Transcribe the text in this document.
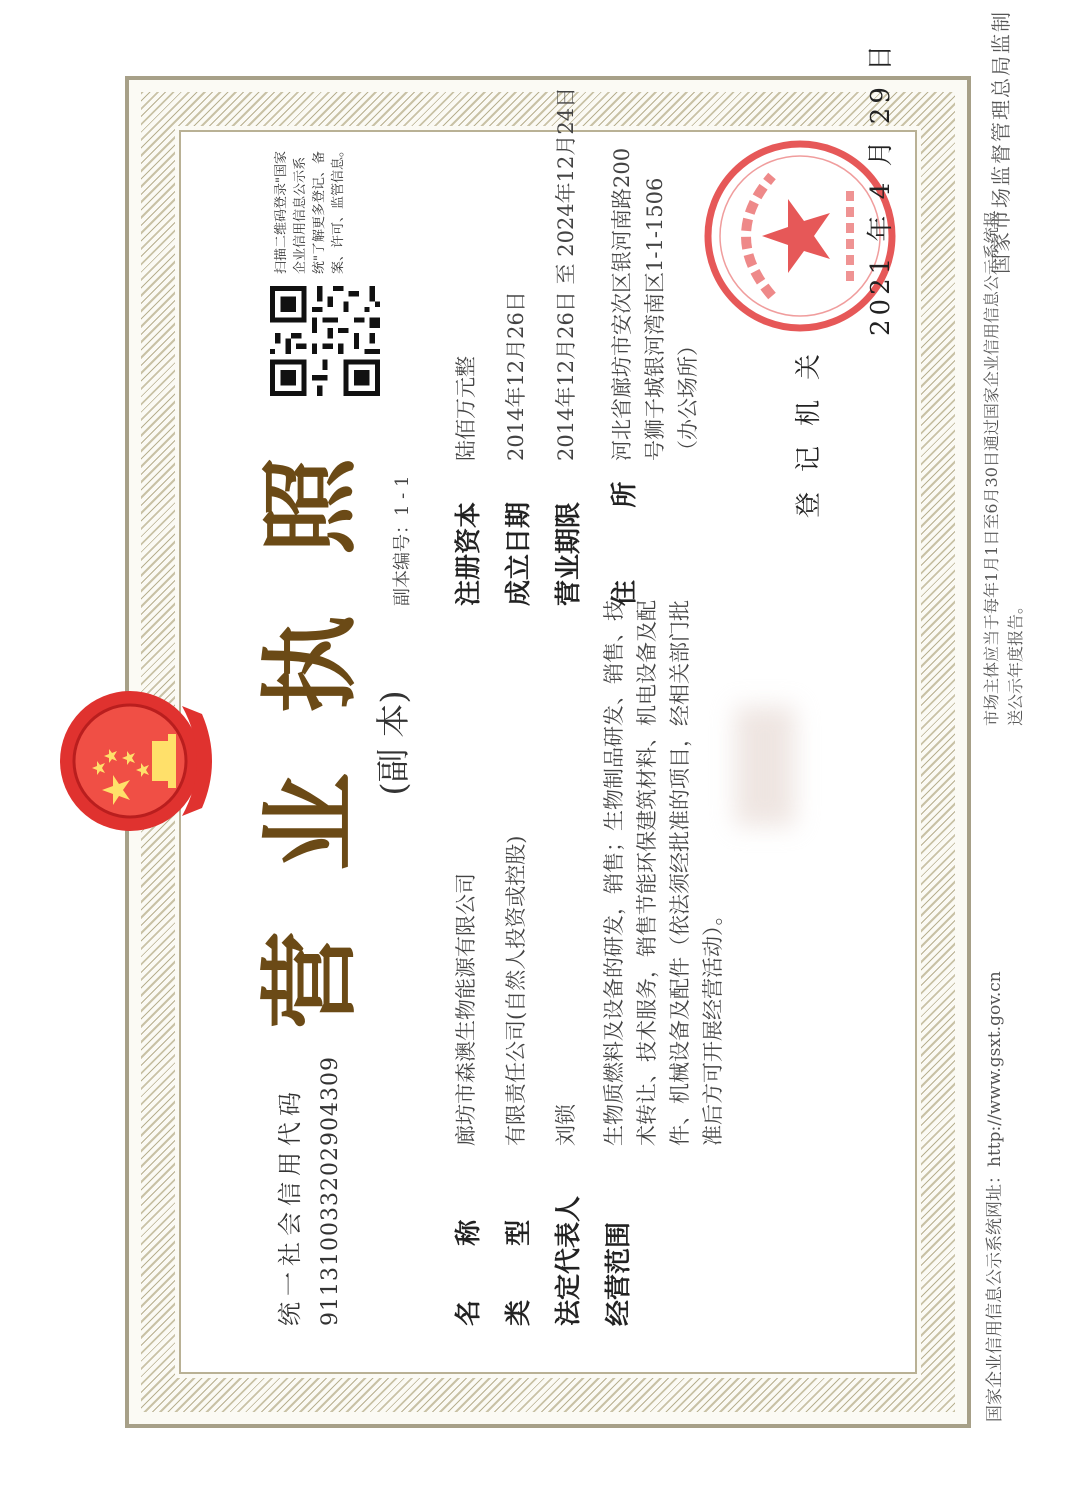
营业执照 (副 本)
副本编号：1 - 1
扫描二维码登录"国家企业信用信息公示系统"了解更多登记、备案、许可、监管信息。
统一社会信用代码 911310033202904309	名      称
廊坊市森澳生物能源有限公司
类      型
有限责任公司(自然人投资或控股)
法定代表人
刘锁
经营范围
生物质燃料及设备的研发，销售；生物制品研发、销售、技术转让、技术服务，销售节能环保建筑材料、机电设备及配件、机械设备及配件（依法须经批准的项目，经相关部门批准后方可开展经营活动）。
注册资本
陆佰万元整
成立日期
2014年12月26日
营业期限
2014年12月26日 至 2024年12月24日
住        所
河北省廊坊市安次区银河南路200号狮子城银河湾南区1-1-1506（办公场所）	登记机关
2021 年 4 月 29 日
国家企业信用信息公示系统网址：http://www.gsxt.gov.cn
市场主体应当于每年1月1日至6月30日通过国家企业信用信息公示系统报送公示年度报告。
国家市场监督管理总局监制
